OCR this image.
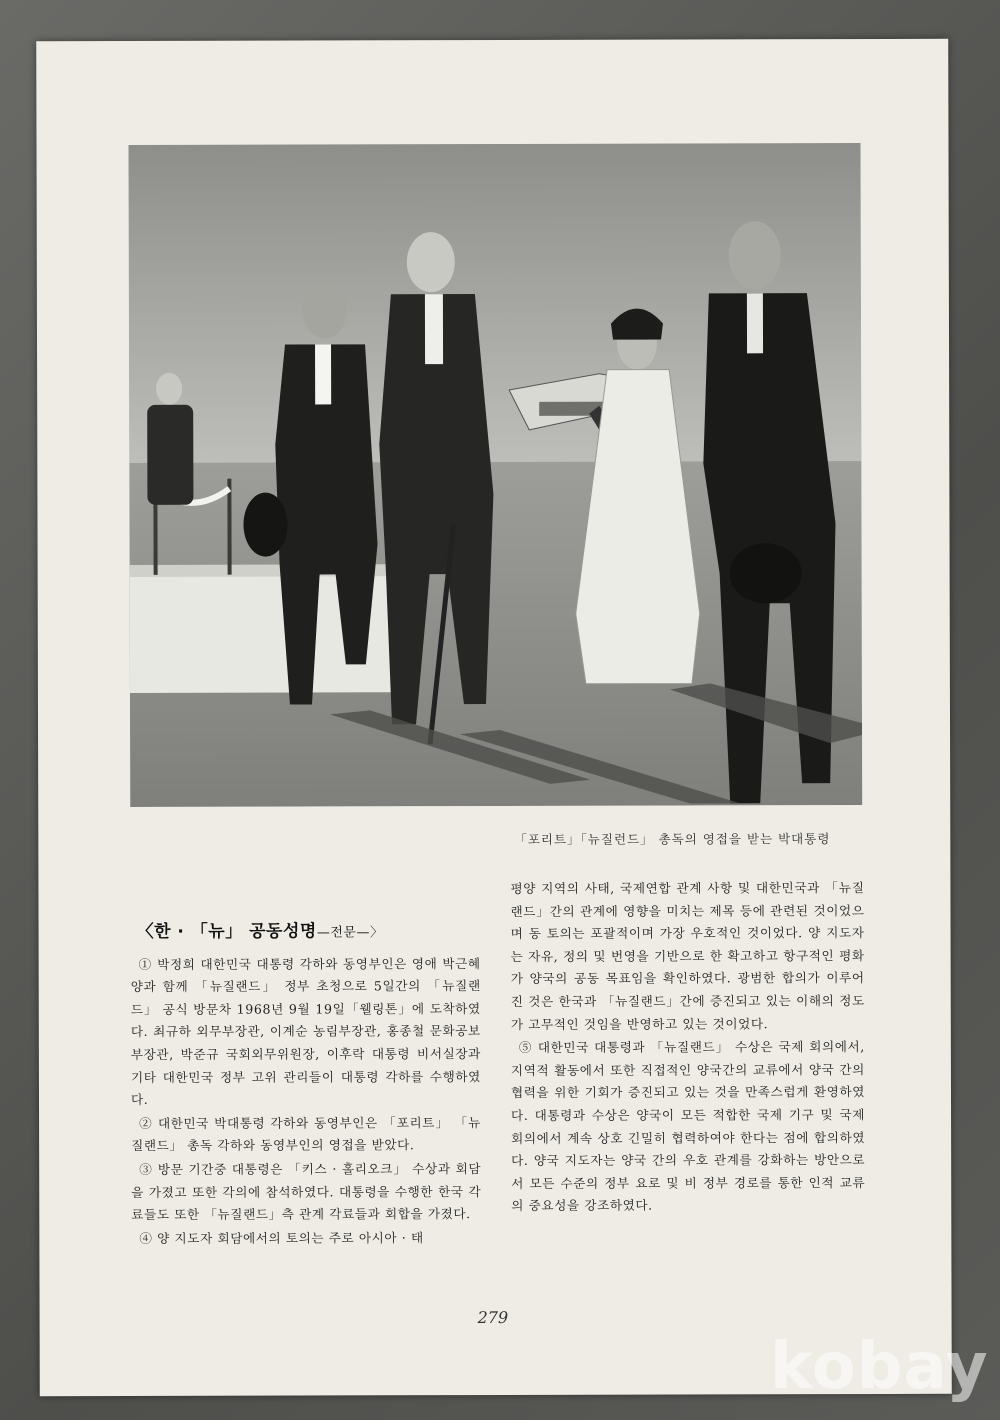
「포리트」「뉴질런드」 총독의 영접을 받는 박대통령
〈한 · 「뉴」 공동성명—전문—〉

① 박정희 대한민국 대통령 각하와 동영부인은 영애 박근혜양과 함께 「뉴질랜드」 정부 초청으로 5일간의 「뉴질랜드」 공식 방문차 1968년 9월 19일「웰링톤」에 도착하였다. 최규하 외무부장관, 이계순 농림부장관, 홍종철 문화공보부장관, 박준규 국회외무위원장, 이후락 대통령 비서실장과 기타 대한민국 정부 고위 관리들이 대통령 각하를 수행하였다.

② 대한민국 박대통령 각하와 동영부인은 「포리트」 「뉴질랜드」 총독 각하와 동영부인의 영접을 받았다.

③ 방문 기간중 대통령은 「키스 · 홀리오크」 수상과 회담을 가졌고 또한 각의에 참석하였다. 대통령을 수행한 한국 각료들도 또한 「뉴질랜드」측 관계 각료들과 회합을 가졌다.

④ 양 지도자 회담에서의 토의는 주로 아시아 · 태

평양 지역의 사태, 국제연합 관계 사항 및 대한민국과 「뉴질랜드」간의 관계에 영향을 미치는 제목 등에 관련된 것이었으며 동 토의는 포괄적이며 가장 우호적인 것이었다. 양 지도자는 자유, 정의 및 번영을 기반으로 한 확고하고 항구적인 평화가 양국의 공동 목표임을 확인하였다. 광범한 합의가 이루어진 것은 한국과 「뉴질랜드」간에 증진되고 있는 이해의 정도가 고무적인 것임을 반영하고 있는 것이었다.

⑤ 대한민국 대통령과 「뉴질랜드」 수상은 국제 회의에서, 지역적 활동에서 또한 직접적인 양국간의 교류에서 양국 간의 협력을 위한 기회가 증진되고 있는 것을 만족스럽게 환영하였다. 대통령과 수상은 양국이 모든 적합한 국제 기구 및 국제 회의에서 계속 상호 긴밀히 협력하여야 한다는 점에 합의하였다. 양국 지도자는 양국 간의 우호 관계를 강화하는 방안으로서 모든 수준의 정부 요로 및 비 정부 경로를 통한 인적 교류의 중요성을 강조하였다.

279
kobay
